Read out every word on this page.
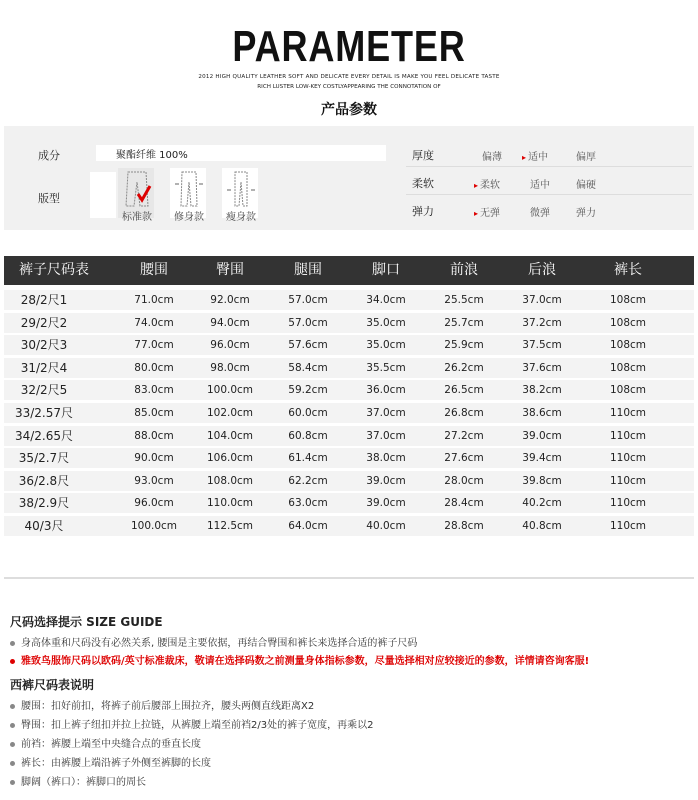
PARAMETER
2012 HIGH QUALITY LEATHER SOFT AND DELICATE EVERY DETAIL IS MAKE YOU FEEL DELICATE TASTE
RICH LUSTER LOW-KEY COSTLYAPPEARING THE CONNOTATION OF
产品参数
成分	聚酯纤维 100%
版型
标准款 修身款 瘦身款
厚度	偏薄	▸ 适中	偏厚
柔软	▸ 柔软	适中	偏硬
弹力	▸ 无弹	微弹	弹力
裤子尺码表	腰围	臀围	腿围	脚口	前浪	后浪	裤长
28/2尺1	71.0cm	92.0cm	57.0cm	34.0cm	25.5cm	37.0cm	108cm
29/2尺2	74.0cm	94.0cm	57.0cm	35.0cm	25.7cm	37.2cm	108cm
30/2尺3	77.0cm	96.0cm	57.6cm	35.0cm	25.9cm	37.5cm	108cm
31/2尺4	80.0cm	98.0cm	58.4cm	35.5cm	26.2cm	37.6cm	108cm
32/2尺5	83.0cm	100.0cm	59.2cm	36.0cm	26.5cm	38.2cm	108cm
33/2.57尺	85.0cm	102.0cm	60.0cm	37.0cm	26.8cm	38.6cm	110cm
34/2.65尺	88.0cm	104.0cm	60.8cm	37.0cm	27.2cm	39.0cm	110cm
35/2.7尺	90.0cm	106.0cm	61.4cm	38.0cm	27.6cm	39.4cm	110cm
36/2.8尺	93.0cm	108.0cm	62.2cm	39.0cm	28.0cm	39.8cm	110cm
38/2.9尺	96.0cm	110.0cm	63.0cm	39.0cm	28.4cm	40.2cm	110cm
40/3尺	100.0cm	112.5cm	64.0cm	40.0cm	28.8cm	40.8cm	110cm
尺码选择提示 SIZE GUIDE
身高体重和尺码没有必然关系, 腰围是主要依据，再结合臀围和裤长来选择合适的裤子尺码
雅致鸟服饰尺码以欧码/英寸标准裁床，敬请在选择码数之前测量身体指标参数，尽量选择相对应较接近的参数，详情请咨询客服!
西裤尺码表说明
腰围：扣好前扣，将裤子前后腰部上围拉齐，腰头两侧直线距离X2
臀围：扣上裤子纽扣并拉上拉链，从裤腰上端至前裆2/3处的裤子宽度，再乘以2
前裆：裤腰上端至中央缝合点的垂直长度
裤长：由裤腰上端沿裤子外侧至裤脚的长度
脚阔（裤口）：裤脚口的周长
